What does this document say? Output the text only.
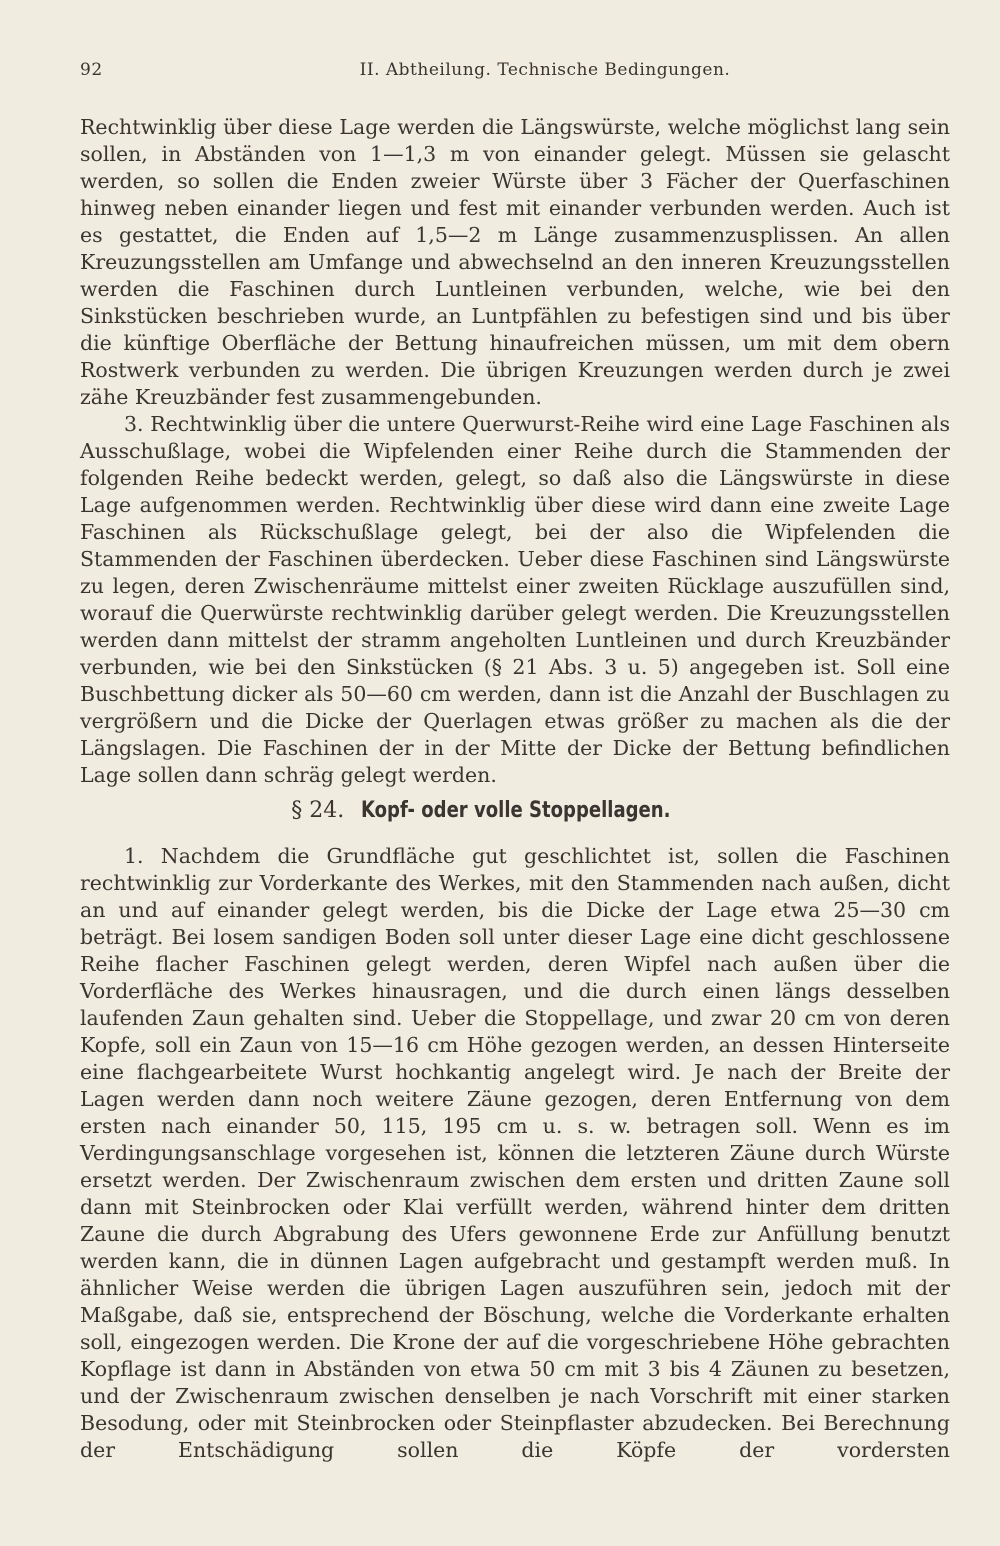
92	II. Abtheilung. Technische Bedingungen.

Rechtwinklig über diese Lage werden die Längswürste, welche möglichst lang sein sollen, in Abständen von 1—1,3 m von einander gelegt. Müssen sie gelascht werden, so sollen die Enden zweier Würste über 3 Fächer der Querfaschinen hinweg neben einander liegen und fest mit einander verbunden werden. Auch ist es gestattet, die Enden auf 1,5—2 m Länge zusammenzusplissen. An allen Kreuzungsstellen am Umfange und abwechselnd an den inneren Kreuzungsstellen werden die Faschinen durch Luntleinen verbunden, welche, wie bei den Sinkstücken beschrieben wurde, an Luntpfählen zu befestigen sind und bis über die künftige Oberfläche der Bettung hinaufreichen müssen, um mit dem obern Rostwerk verbunden zu werden. Die übrigen Kreuzungen werden durch je zwei zähe Kreuzbänder fest zusammengebunden.

3. Rechtwinklig über die untere Querwurst-Reihe wird eine Lage Faschinen als Ausschußlage, wobei die Wipfelenden einer Reihe durch die Stammenden der folgenden Reihe bedeckt werden, gelegt, so daß also die Längswürste in diese Lage aufgenommen werden. Rechtwinklig über diese wird dann eine zweite Lage Faschinen als Rückschußlage gelegt, bei der also die Wipfelenden die Stammenden der Faschinen überdecken. Ueber diese Faschinen sind Längswürste zu legen, deren Zwischenräume mittelst einer zweiten Rücklage auszufüllen sind, worauf die Querwürste rechtwinklig darüber gelegt werden. Die Kreuzungsstellen werden dann mittelst der stramm angeholten Luntleinen und durch Kreuzbänder verbunden, wie bei den Sinkstücken (§ 21 Abs. 3 u. 5) angegeben ist. Soll eine Buschbettung dicker als 50—60 cm werden, dann ist die Anzahl der Buschlagen zu vergrößern und die Dicke der Querlagen etwas größer zu machen als die der Längslagen. Die Faschinen der in der Mitte der Dicke der Bettung befindlichen Lage sollen dann schräg gelegt werden.

§ 24. Kopf- oder volle Stoppellagen.

1. Nachdem die Grundfläche gut geschlichtet ist, sollen die Faschinen rechtwinklig zur Vorderkante des Werkes, mit den Stammenden nach außen, dicht an und auf einander gelegt werden, bis die Dicke der Lage etwa 25—30 cm beträgt. Bei losem sandigen Boden soll unter dieser Lage eine dicht geschlossene Reihe flacher Faschinen gelegt werden, deren Wipfel nach außen über die Vorderfläche des Werkes hinausragen, und die durch einen längs desselben laufenden Zaun gehalten sind. Ueber die Stoppellage, und zwar 20 cm von deren Kopfe, soll ein Zaun von 15—16 cm Höhe gezogen werden, an dessen Hinterseite eine flachgearbeitete Wurst hochkantig angelegt wird. Je nach der Breite der Lagen werden dann noch weitere Zäune gezogen, deren Entfernung von dem ersten nach einander 50, 115, 195 cm u. s. w. betragen soll. Wenn es im Verdingungsanschlage vorgesehen ist, können die letzteren Zäune durch Würste ersetzt werden. Der Zwischenraum zwischen dem ersten und dritten Zaune soll dann mit Steinbrocken oder Klai verfüllt werden, während hinter dem dritten Zaune die durch Abgrabung des Ufers gewonnene Erde zur Anfüllung benutzt werden kann, die in dünnen Lagen aufgebracht und gestampft werden muß. In ähnlicher Weise werden die übrigen Lagen auszuführen sein, jedoch mit der Maßgabe, daß sie, entsprechend der Böschung, welche die Vorderkante erhalten soll, eingezogen werden. Die Krone der auf die vorgeschriebene Höhe gebrachten Kopflage ist dann in Abständen von etwa 50 cm mit 3 bis 4 Zäunen zu besetzen, und der Zwischenraum zwischen denselben je nach Vorschrift mit einer starken Besodung, oder mit Steinbrocken oder Steinpflaster abzudecken. Bei Berechnung der Entschädigung sollen die Köpfe der vordersten
